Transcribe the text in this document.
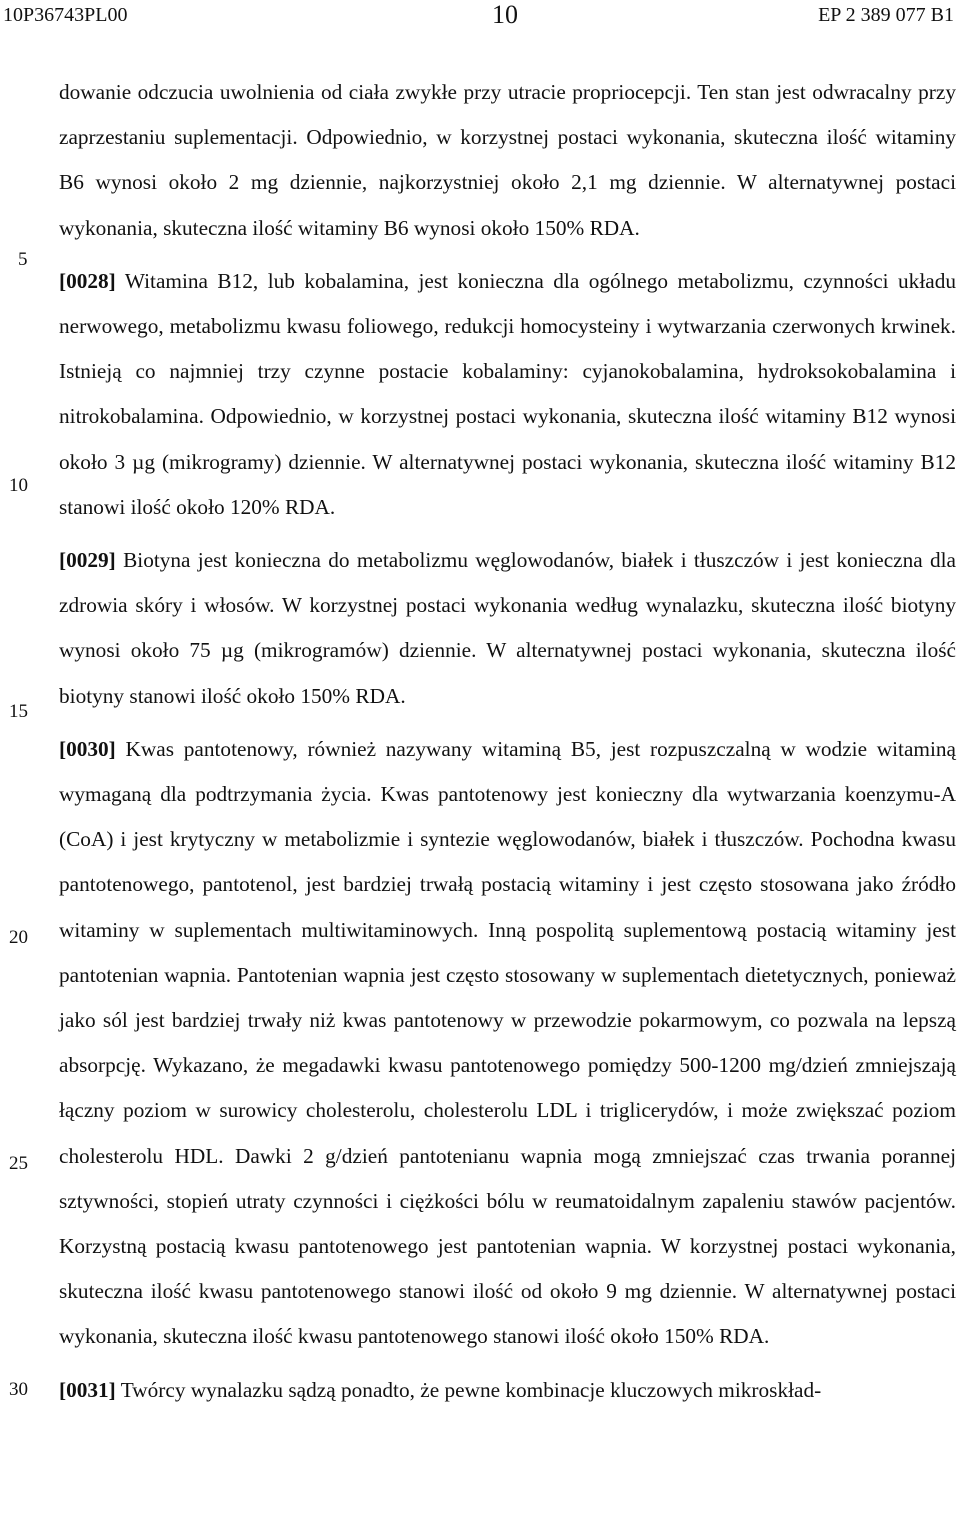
10P36743PL00	10	EP 2 389 077 B1
5
10
15
20
25
30

dowanie odczucia uwolnienia od ciała zwykłe przy utracie propriocepcji. Ten stan jest odwracalny przy zaprzestaniu suplementacji. Odpowiednio, w korzystnej postaci wykonania, skuteczna ilość witaminy B6 wynosi około 2 mg dziennie, najkorzystniej około 2,1 mg dziennie. W alternatywnej postaci wykonania, skuteczna ilość witaminy B6 wynosi około 150% RDA.

[0028] Witamina B12, lub kobalamina, jest konieczna dla ogólnego metabolizmu, czynności układu nerwowego, metabolizmu kwasu foliowego, redukcji homocysteiny i wytwarzania czerwonych krwinek. Istnieją co najmniej trzy czynne postacie kobalaminy: cyjanokobalamina, hydroksokobalamina i nitrokobalamina. Odpowiednio, w korzystnej postaci wykonania, skuteczna ilość witaminy B12 wynosi około 3 µg (mikrogramy) dziennie. W alternatywnej postaci wykonania, skuteczna ilość witaminy B12 stanowi ilość około 120% RDA.

[0029] Biotyna jest konieczna do metabolizmu węglowodanów, białek i tłuszczów i jest konieczna dla zdrowia skóry i włosów. W korzystnej postaci wykonania według wynalazku, skuteczna ilość biotyny wynosi około 75 µg (mikrogramów) dziennie. W alternatywnej postaci wykonania, skuteczna ilość biotyny stanowi ilość około 150% RDA.

[0030] Kwas pantotenowy, również nazywany witaminą B5, jest rozpuszczalną w wodzie witaminą wymaganą dla podtrzymania życia. Kwas pantotenowy jest konieczny dla wytwarzania koenzymu-A (CoA) i jest krytyczny w metabolizmie i syntezie węglowodanów, białek i tłuszczów. Pochodna kwasu pantotenowego, pantotenol, jest bardziej trwałą postacią witaminy i jest często stosowana jako źródło witaminy w suplementach multiwitaminowych. Inną pospolitą suplementową postacią witaminy jest pantotenian wapnia. Pantotenian wapnia jest często stosowany w suplementach dietetycznych, ponieważ jako sól jest bardziej trwały niż kwas pantotenowy w przewodzie pokarmowym, co pozwala na lepszą absorpcję. Wykazano, że megadawki kwasu pantotenowego pomiędzy 500-1200 mg/dzień zmniejszają łączny poziom w surowicy cholesterolu, cholesterolu LDL i triglicerydów, i może zwiększać poziom cholesterolu HDL. Dawki 2 g/dzień pantotenianu wapnia mogą zmniejszać czas trwania porannej sztywności, stopień utraty czynności i ciężkości bólu w reumatoidalnym zapaleniu stawów pacjentów. Korzystną postacią kwasu pantotenowego jest pantotenian wapnia. W korzystnej postaci wykonania, skuteczna ilość kwasu pantotenowego stanowi ilość od około 9 mg dziennie. W alternatywnej postaci wykonania, skuteczna ilość kwasu pantotenowego stanowi ilość około 150% RDA.

[0031] Twórcy wynalazku sądzą ponadto, że pewne kombinacje kluczowych mikroskład-
